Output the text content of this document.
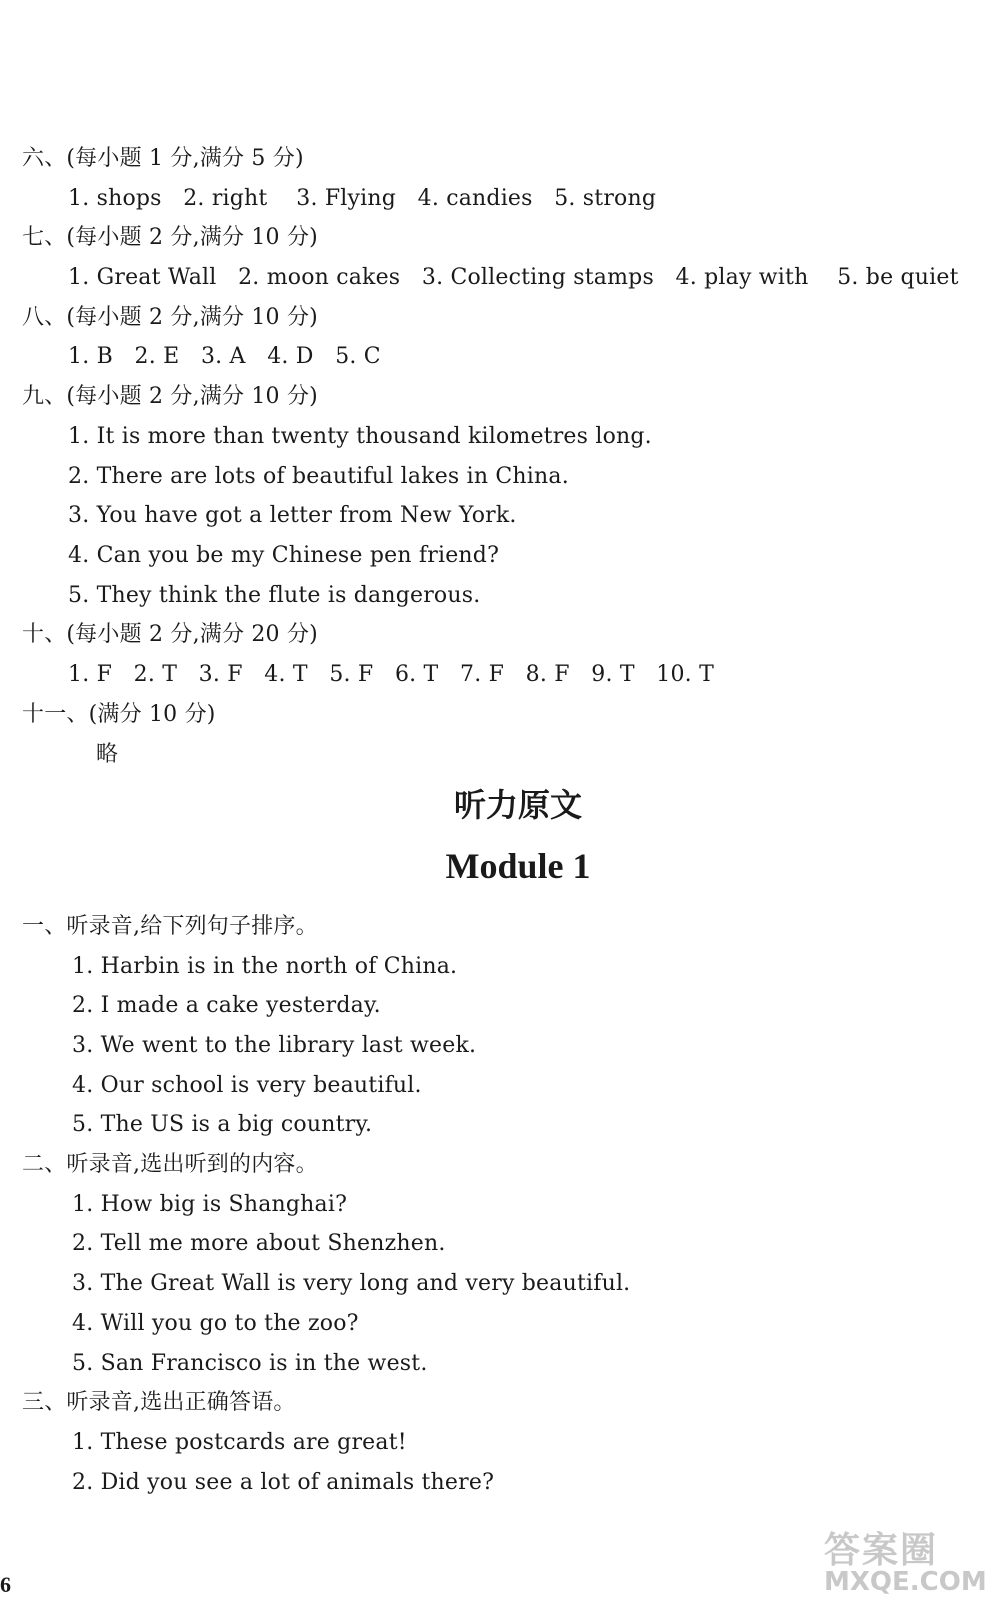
六、(每小题 1 分,满分 5 分)
1. shops   2. right    3. Flying   4. candies   5. strong
七、(每小题 2 分,满分 10 分)
1. Great Wall   2. moon cakes   3. Collecting stamps   4. play with    5. be quiet
八、(每小题 2 分,满分 10 分)
1. B   2. E   3. A   4. D   5. C
九、(每小题 2 分,满分 10 分)
1. It is more than twenty thousand kilometres long.
2. There are lots of beautiful lakes in China.
3. You have got a letter from New York.
4. Can you be my Chinese pen friend?
5. They think the flute is dangerous.
十、(每小题 2 分,满分 20 分)
1. F   2. T   3. F   4. T   5. F   6. T   7. F   8. F   9. T   10. T
十一、(满分 10 分)
略
听力原文
Module 1
一、听录音,给下列句子排序。
1. Harbin is in the north of China.
2. I made a cake yesterday.
3. We went to the library last week.
4. Our school is very beautiful.
5. The US is a big country.
二、听录音,选出听到的内容。
1. How big is Shanghai?
2. Tell me more about Shenzhen.
3. The Great Wall is very long and very beautiful.
4. Will you go to the zoo?
5. San Francisco is in the west.
三、听录音,选出正确答语。
1. These postcards are great!
2. Did you see a lot of animals there?
6
答案圈
MXQE.COM
